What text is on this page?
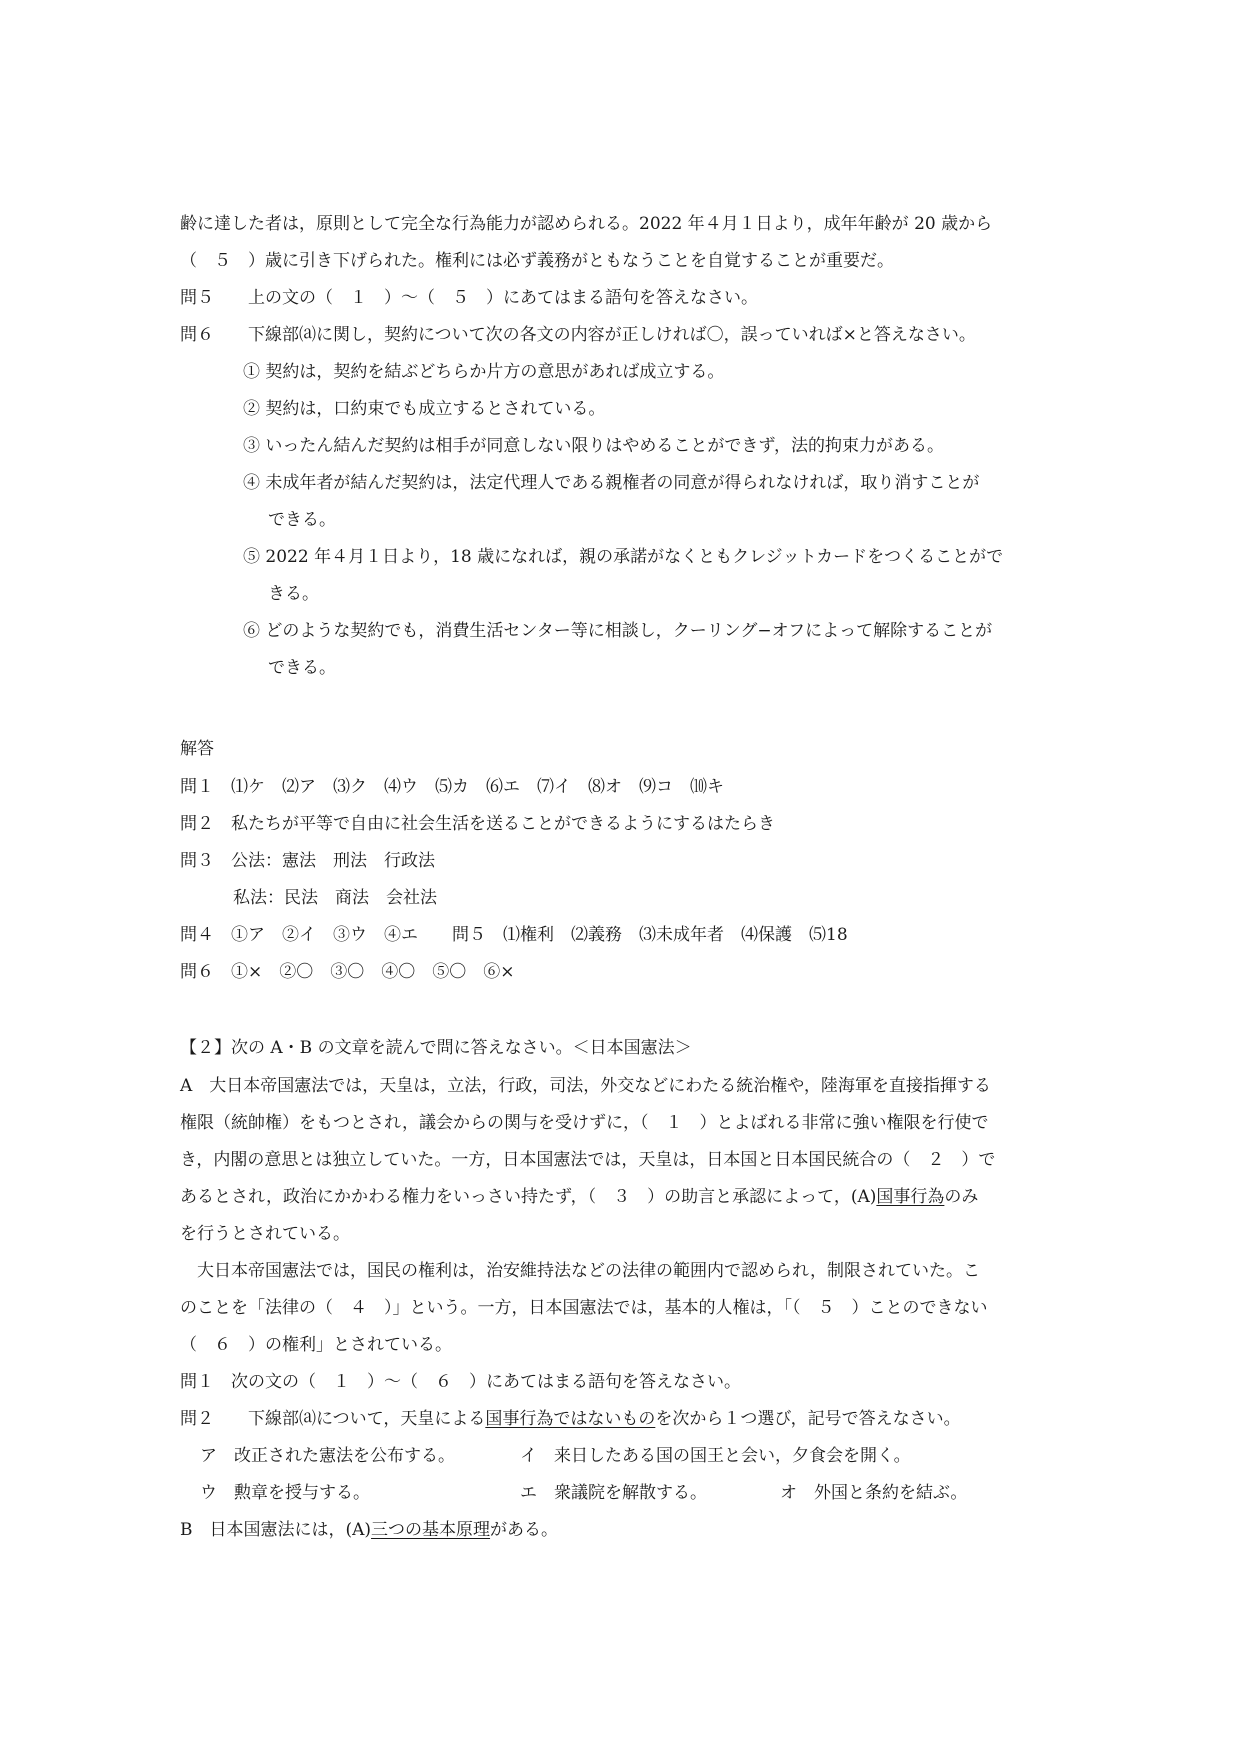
齢に達した者は，原則として完全な行為能力が認められる。2022 年４月１日より，成年年齢が 20 歳から
（　５　）歳に引き下げられた。権利には必ず義務がともなうことを自覚することが重要だ。
問５　　上の文の（　１　）～（　５　）にあてはまる語句を答えなさい。
問６　　下線部⒜に関し，契約について次の各文の内容が正しければ〇，誤っていれば×と答えなさい。
① 契約は，契約を結ぶどちらか片方の意思があれば成立する。
② 契約は，口約束でも成立するとされている。
③ いったん結んだ契約は相手が同意しない限りはやめることができず，法的拘束力がある。
④ 未成年者が結んだ契約は，法定代理人である親権者の同意が得られなければ，取り消すことが
できる。
⑤ 2022 年４月１日より，18 歳になれば，親の承諾がなくともクレジットカードをつくることがで
きる。
⑥ どのような契約でも，消費生活センター等に相談し，クーリング−オフによって解除することが
できる。
解答
問１　⑴ケ　⑵ア　⑶ク　⑷ウ　⑸カ　⑹エ　⑺イ　⑻オ　⑼コ　⑽キ
問２　私たちが平等で自由に社会生活を送ることができるようにするはたらき
問３　公法：憲法　刑法　行政法
私法：民法　商法　会社法
問４　①ア　②イ　③ウ　④エ　　問５　⑴権利　⑵義務　⑶未成年者　⑷保護　⑸18
問６　①×　②〇　③〇　④〇　⑤〇　⑥×
【２】次の A・B の文章を読んで問に答えなさい。＜日本国憲法＞
A　大日本帝国憲法では，天皇は，立法，行政，司法，外交などにわたる統治権や，陸海軍を直接指揮する
権限（統帥権）をもつとされ，議会からの関与を受けずに，（　１　）とよばれる非常に強い権限を行使で
き，内閣の意思とは独立していた。一方，日本国憲法では，天皇は，日本国と日本国民統合の（　２　）で
あるとされ，政治にかかわる権力をいっさい持たず，（　３　）の助言と承認によって，(A)国事行為のみ
を行うとされている。
　大日本帝国憲法では，国民の権利は，治安維持法などの法律の範囲内で認められ，制限されていた。こ
のことを「法律の（　４　）」という。一方，日本国憲法では，基本的人権は，「（　５　）ことのできない
（　６　）の権利」とされている。
問１　次の文の（　１　）～（　６　）にあてはまる語句を答えなさい。
問２　　下線部⒜について，天皇による国事行為ではないものを次から１つ選び，記号で答えなさい。
ア　改正された憲法を公布する。	イ　来日したある国の国王と会い，夕食会を開く。
ウ　勲章を授与する。	エ　衆議院を解散する。	オ　外国と条約を結ぶ。
B　日本国憲法には，(A)三つの基本原理がある。
